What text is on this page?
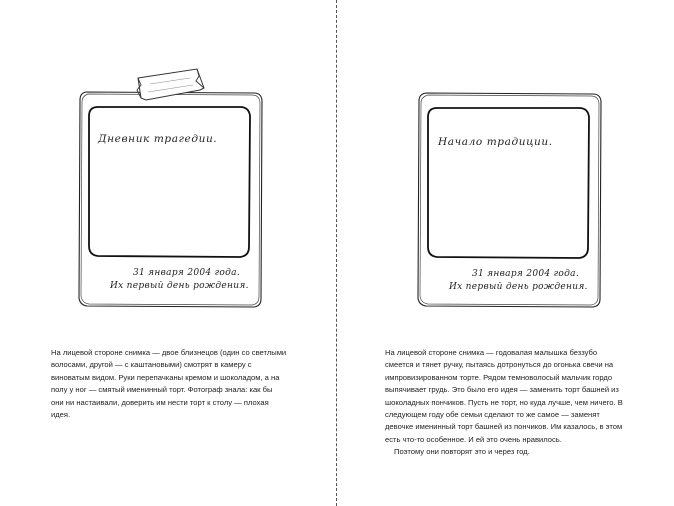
Дневник трагедии.
31 января 2004 года.
Их первый день рождения.

На лицевой стороне снимка — двое близнецов (один со светлыми волосами, другой — с каштановыми) смотрят в камеру с виноватым видом. Руки перепачканы кремом и шоколадом, а на полу у ног — смятый именинный торт. Фотограф знала: как бы они ни настаивали, доверить им нести торт к столу — плохая идея.

Начало традиции.
31 января 2004 года.
Их первый день рождения.

На лицевой стороне снимка — годовалая малышка беззубо смеется и тянет ручку, пытаясь дотронуться до огонька свечи на импровизированном торте. Рядом темноволосый мальчик гордо выпячивает грудь. Это было его идея — заменить торт башней из шоколадных пончиков. Пусть не торт, но куда лучше, чем ничего. В следующем году обе семьи сделают то же самое — заменят девочке именинный торт башней из пончиков. Им казалось, в этом есть что-то особенное. И ей это очень нравилось.

Поэтому они повторят это и через год.
